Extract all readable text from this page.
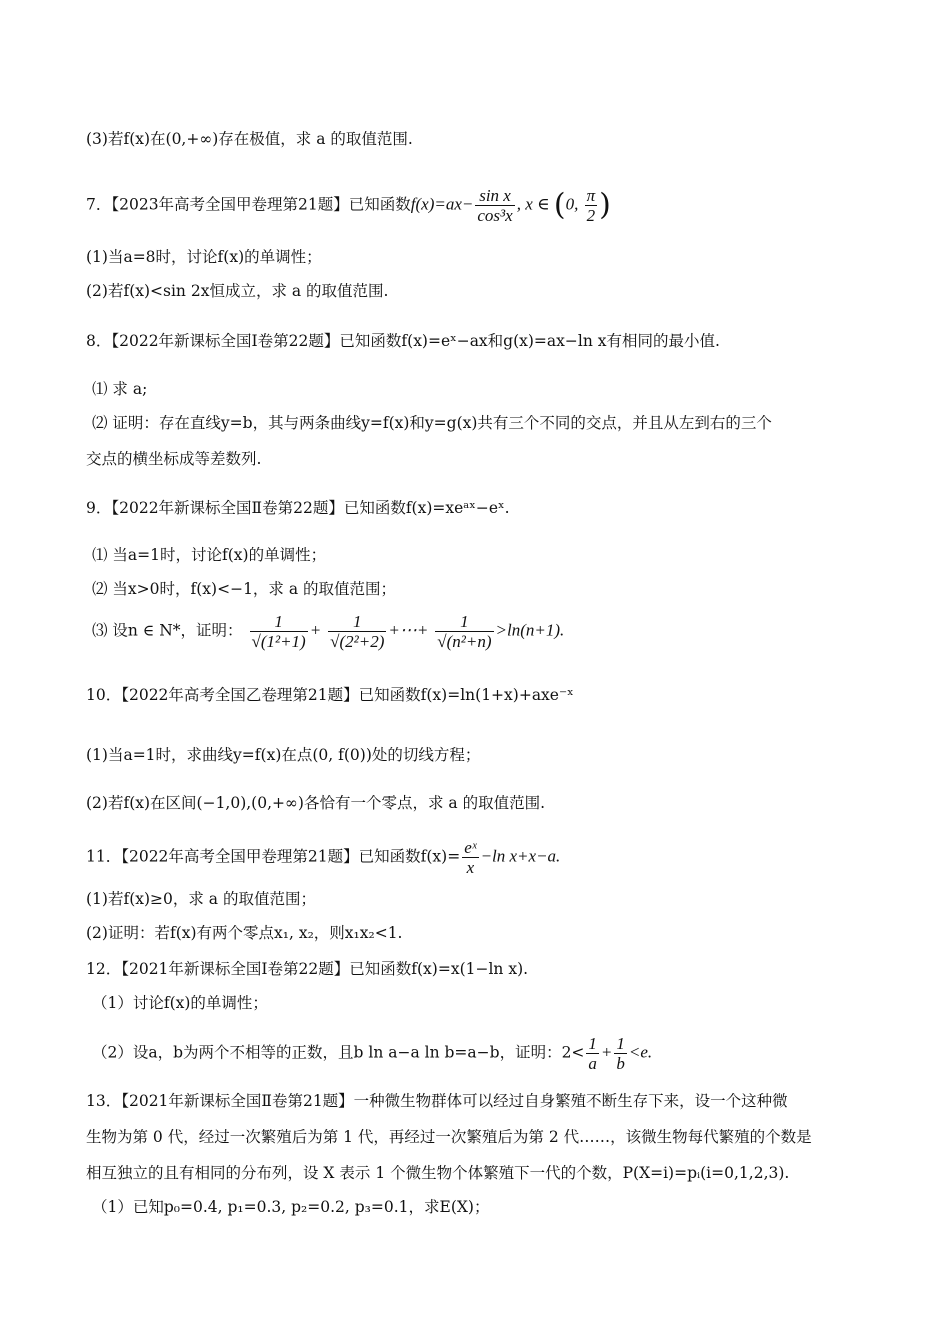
(3)若f(x)在(0,+∞)存在极值，求 a 的取值范围.
7．【2023年高考全国甲卷理第21题】已知函数$f(x)=ax- \frac{\text{sin x}}{\text{cos³x}}$ , x ∈ (0, $\frac{\pi}{2}$ )
(1)当a=8时，讨论f(x)的单调性；
(2)若f(x)<sin 2x恒成立，求 a 的取值范围.
8．【2022年新课标全国Ⅰ卷第22题】已知函数f(x)=eˣ−ax和g(x)=ax−ln x有相同的最小值.
⑴ 求 a;
⑵ 证明：存在直线y=b，其与两条曲线y=f(x)和y=g(x)共有三个不同的交点，并且从左到右的三个
交点的横坐标成等差数列.
9．【2022年新课标全国Ⅱ卷第22题】已知函数f(x)=xeᵃˣ−eˣ.
⑴ 当a=1时，讨论f(x)的单调性；
⑵ 当x>0时，f(x)<−1，求 a 的取值范围；
⑶ 设n ∈ N*，证明： $\frac{1}{\text{√(1²+1)}} + \frac{1}{\text{√(2²+2)}}$ +⋯+ $\frac{1}{\text{√(n²+n)}} >\ln(n+1)$.
10．【2022年高考全国乙卷理第21题】已知函数f(x)=ln(1+x)+axe⁻ˣ
(1)当a=1时，求曲线y=f(x)在点(0, f(0))处的切线方程；
(2)若f(x)在区间(−1,0),(0,+∞)各恰有一个零点，求 a 的取值范围.
11．【2022年高考全国甲卷理第21题】已知函数$f(x)= \frac{\text{eˣ}}{x} -\ln$ x+x−a.
(1)若f(x)≥0，求 a 的取值范围；
(2)证明：若f(x)有两个零点x₁, x₂，则x₁x₂<1.
12．【2021年新课标全国Ⅰ卷第22题】已知函数f(x)=x(1−ln x).
（1）讨论f(x)的单调性；
（2）设a，b为两个不相等的正数，且b ln a−a ln b=a−b，证明：$2< \frac{1}{a} + \frac{1}{b} <e$.
13．【2021年新课标全国Ⅱ卷第21题】一种微生物群体可以经过自身繁殖不断生存下来，设一个这种微
生物为第 0 代，经过一次繁殖后为第 1 代，再经过一次繁殖后为第 2 代……，该微生物每代繁殖的个数是
相互独立的且有相同的分布列，设 X 表示 1 个微生物个体繁殖下一代的个数，P(X=i)=pᵢ(i=0,1,2,3).
（1）已知p₀=0.4, p₁=0.3, p₂=0.2, p₃=0.1，求E(X)；
